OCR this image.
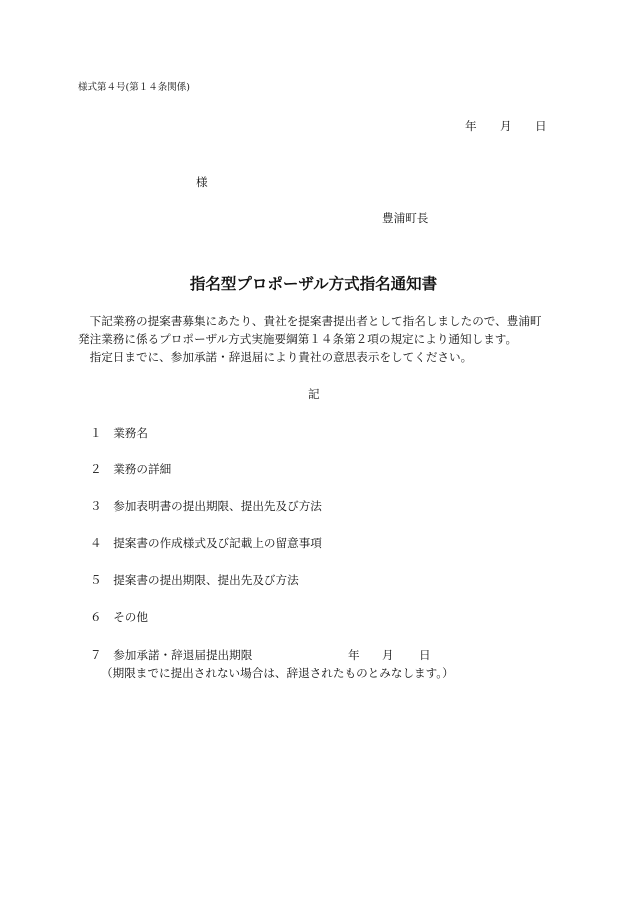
様式第４号(第１４条関係)
年 月 日
様
豊浦町長
指名型プロポーザル方式指名通知書
下記業務の提案書募集にあたり、貴社を提案書提出者として指名しましたので、豊浦町
発注業務に係るプロポーザル方式実施要綱第１４条第２項の規定により通知します。
指定日までに、参加承諾・辞退届により貴社の意思表示をしてください。
記
１ 業務名
２ 業務の詳細
３ 参加表明書の提出期限、提出先及び方法
４ 提案書の作成様式及び記載上の留意事項
５ 提案書の提出期限、提出先及び方法
６ その他
７ 参加承諾・辞退届提出期限	年 月 日
（期限までに提出されない場合は、辞退されたものとみなします。）
